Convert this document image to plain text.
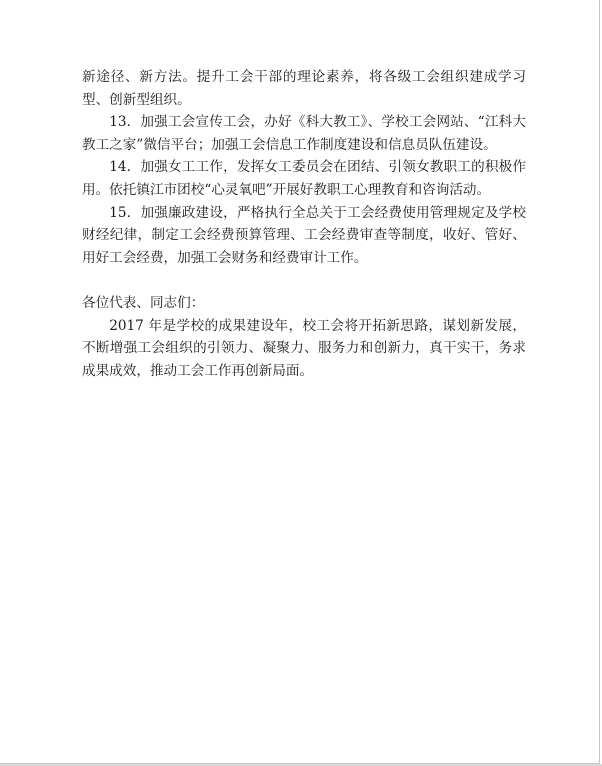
新途径、新方法。提升工会干部的理论素养，将各级工会组织建成学习型、创新型组织。

13．加强工会宣传工会，办好《科大教工》、学校工会网站、“江科大教工之家”微信平台；加强工会信息工作制度建设和信息员队伍建设。

14．加强女工工作，发挥女工委员会在团结、引领女教职工的积极作用。依托镇江市团校“心灵氧吧”开展好教职工心理教育和咨询活动。

15．加强廉政建设，严格执行全总关于工会经费使用管理规定及学校财经纪律，制定工会经费预算管理、工会经费审查等制度，收好、管好、用好工会经费，加强工会财务和经费审计工作。

各位代表、同志们：

2017 年是学校的成果建设年，校工会将开拓新思路，谋划新发展，不断增强工会组织的引领力、凝聚力、服务力和创新力，真干实干，务求成果成效，推动工会工作再创新局面。
